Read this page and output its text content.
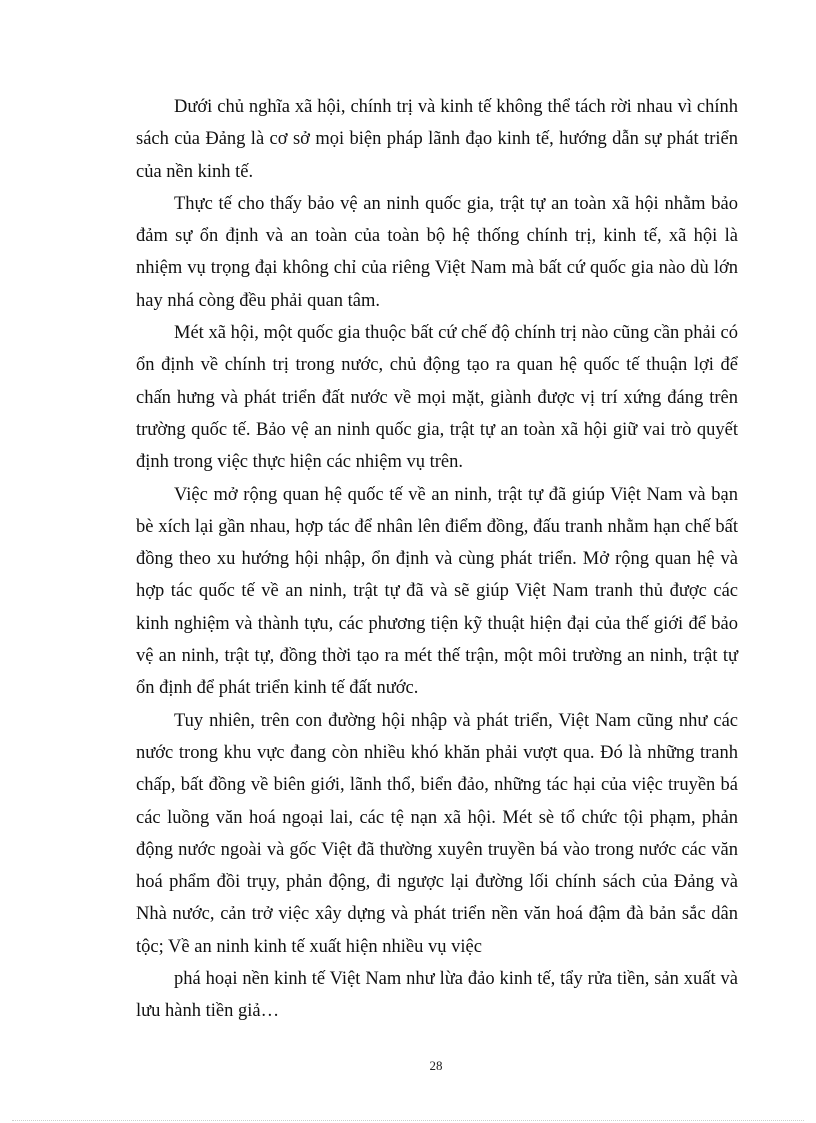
Dưới chủ nghĩa xã hội, chính trị và kinh tế không thể tách rời nhau vì chính sách của Đảng là cơ sở mọi biện pháp lãnh đạo kinh tế, hướng dẫn sự phát triển của nền kinh tế.

Thực tế cho thấy bảo vệ an ninh quốc gia, trật tự an toàn xã hội nhằm bảo đảm sự ổn định và an toàn của toàn bộ hệ thống chính trị, kinh tế, xã hội là nhiệm vụ trọng đại không chỉ của riêng Việt Nam mà bất cứ quốc gia nào dù lớn hay nhá còng đều phải quan tâm.

Mét xã hội, một quốc gia thuộc bất cứ chế độ chính trị nào cũng cần phải có ổn định về chính trị trong nước, chủ động tạo ra quan hệ quốc tế thuận lợi để chấn hưng và phát triển đất nước về mọi mặt, giành được vị trí xứng đáng trên trường quốc tế. Bảo vệ an ninh quốc gia, trật tự an toàn xã hội giữ vai trò quyết định trong việc thực hiện các nhiệm vụ trên.

Việc mở rộng quan hệ quốc tế về an ninh, trật tự đã giúp Việt Nam và bạn bè xích lại gần nhau, hợp tác để nhân lên điểm đồng, đấu tranh nhằm hạn chế bất đồng theo xu hướng hội nhập, ổn định và cùng phát triển. Mở rộng quan hệ và hợp tác quốc tế về an ninh, trật tự đã và sẽ giúp Việt Nam tranh thủ được các kinh nghiệm và thành tựu, các phương tiện kỹ thuật hiện đại của thế giới để bảo vệ an ninh, trật tự, đồng thời tạo ra mét thế trận, một môi trường an ninh, trật tự ổn định để phát triển kinh tế đất nước.

Tuy nhiên, trên con đường hội nhập và phát triển, Việt Nam cũng như các nước trong khu vực đang còn nhiều khó khăn phải vượt qua. Đó là những tranh chấp, bất đồng về biên giới, lãnh thổ, biển đảo, những tác hại của việc truyền bá các luồng văn hoá ngoại lai, các tệ nạn xã hội. Mét sè tổ chức tội phạm, phản động nước ngoài và gốc Việt đã thường xuyên truyền bá vào trong nước các văn hoá phẩm đồi trụy, phản động, đi ngược lại đường lối chính sách của Đảng và Nhà nước, cản trở việc xây dựng và phát triển nền văn hoá đậm đà bản sắc dân tộc; Về an ninh kinh tế xuất hiện nhiều vụ việc

phá hoại nền kinh tế Việt Nam như lừa đảo kinh tế, tẩy rửa tiền, sản xuất và lưu hành tiền giả…

28
